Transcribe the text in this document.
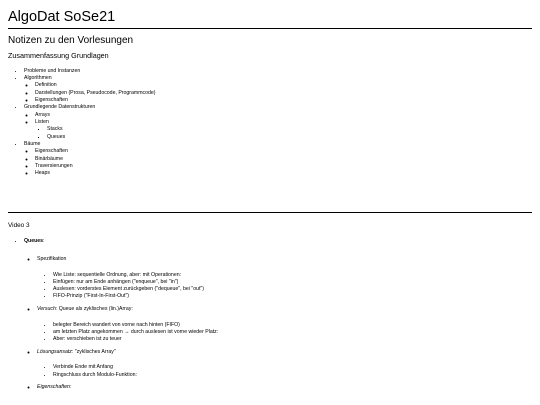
AlgoDat SoSe21
Notizen zu den Vorlesungen
Zusammenfassung Grundlagen
• Probleme und Instanzen
• Algorithmen
◦ Definition
◦ Darstellungen (Prosa, Pseudocode, Programmcode)
◦ Eigenschaften
• Grundlegende Datenstrukturen
◦ Arrays
◦ Listen
▪ Stacks
▪ Queues
• Bäume
◦ Eigenschaften
◦ Binärbäume
◦ Traversierungen
◦ Heaps
Video 3
• Queues:
◦ Spezifikation
• Wie Liste: sequentielle Ordnung, aber: mit Operationen:
• Einfügen: nur am Ende anhängen ("enqueue", bei "in")
• Auslesen: vorderstes Element zurückgeben ("dequeue", bei "out")
• FIFO-Prinzip ("First-In-First-Out")
◦ Versuch: Queue als zyklisches (lin.)Array:
• belegter Bereich wandert von vorne nach hinten (FIFO)
• am letzten Platz angekommen → durch auslesen ist vorne wieder Platz:
• Aber: verschieben ist zu teuer
◦ Lösungsansatz: "zyklisches Array"
• Verbinde Ende mit Anfang
• Ringschluss durch Modulo-Funktion:
◦ Eigenschaften:
